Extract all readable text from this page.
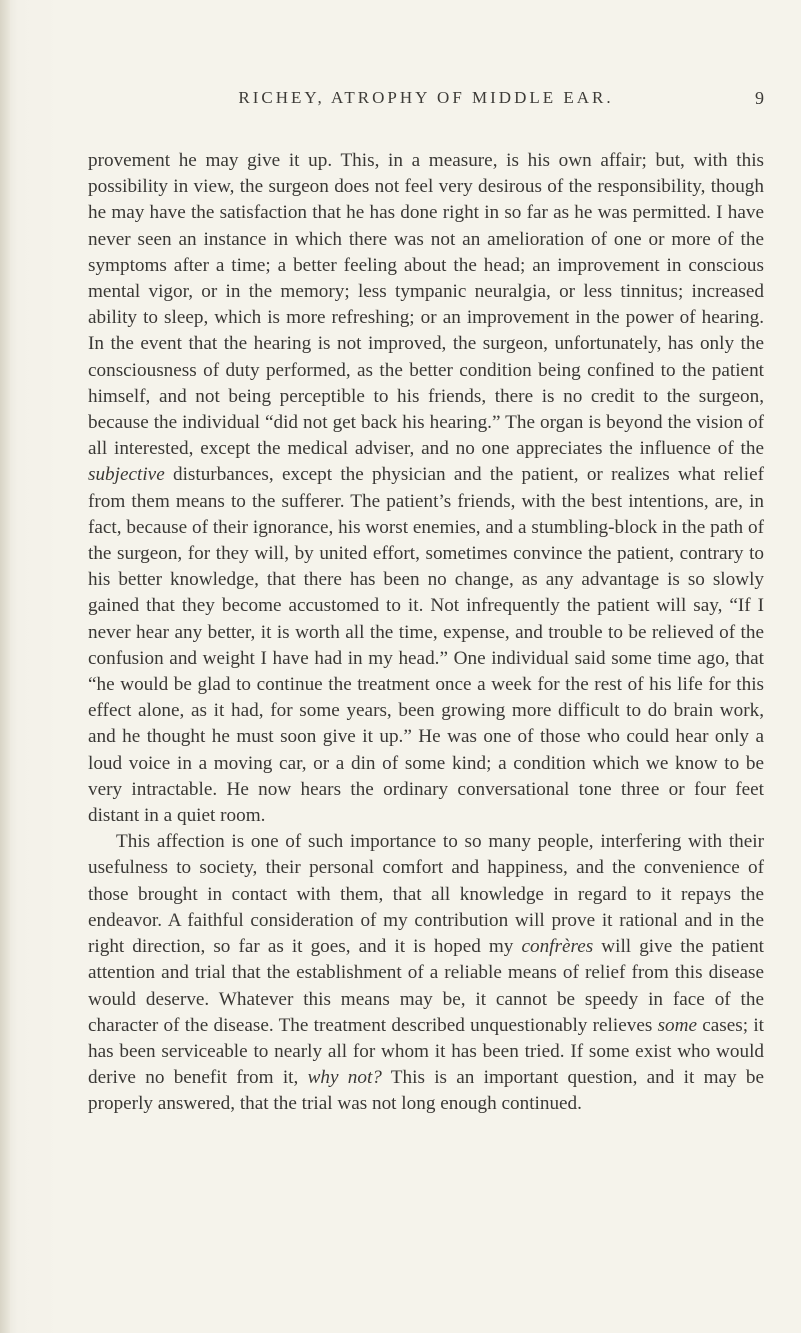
RICHEY, ATROPHY OF MIDDLE EAR.	9

provement he may give it up. This, in a measure, is his own affair; but, with this possibility in view, the surgeon does not feel very desirous of the responsibility, though he may have the satisfaction that he has done right in so far as he was permitted. I have never seen an instance in which there was not an amelioration of one or more of the symptoms after a time; a better feeling about the head; an improvement in conscious mental vigor, or in the memory; less tympanic neuralgia, or less tinnitus; increased ability to sleep, which is more refreshing; or an improvement in the power of hearing. In the event that the hearing is not improved, the surgeon, unfortunately, has only the consciousness of duty performed, as the better condition being confined to the patient himself, and not being perceptible to his friends, there is no credit to the surgeon, because the individual “did not get back his hearing.” The organ is beyond the vision of all interested, except the medical adviser, and no one appreciates the influence of the subjective disturbances, except the physician and the patient, or realizes what relief from them means to the sufferer. The patient’s friends, with the best intentions, are, in fact, because of their ignorance, his worst enemies, and a stumbling-block in the path of the surgeon, for they will, by united effort, sometimes convince the patient, contrary to his better knowledge, that there has been no change, as any advantage is so slowly gained that they become accustomed to it. Not infrequently the patient will say, “If I never hear any better, it is worth all the time, expense, and trouble to be relieved of the confusion and weight I have had in my head.” One individual said some time ago, that “he would be glad to continue the treatment once a week for the rest of his life for this effect alone, as it had, for some years, been growing more difficult to do brain work, and he thought he must soon give it up.” He was one of those who could hear only a loud voice in a moving car, or a din of some kind; a condition which we know to be very intractable. He now hears the ordinary conversational tone three or four feet distant in a quiet room.

This affection is one of such importance to so many people, interfering with their usefulness to society, their personal comfort and happiness, and the convenience of those brought in contact with them, that all knowledge in regard to it repays the endeavor. A faithful consideration of my contribution will prove it rational and in the right direction, so far as it goes, and it is hoped my confrères will give the patient attention and trial that the establishment of a reliable means of relief from this disease would deserve. Whatever this means may be, it cannot be speedy in face of the character of the disease. The treatment described unquestionably relieves some cases; it has been serviceable to nearly all for whom it has been tried. If some exist who would derive no benefit from it, why not? This is an important question, and it may be properly answered, that the trial was not long enough continued.
